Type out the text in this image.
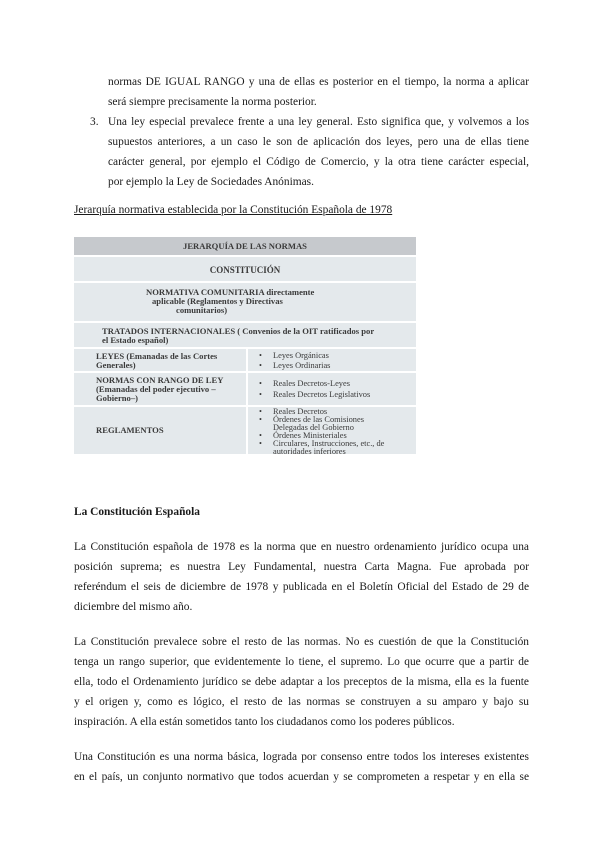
normas DE IGUAL RANGO y una de ellas es posterior en el tiempo, la norma a aplicar
será siempre precisamente la norma posterior.
3. Una ley especial prevalece frente a una ley general. Esto significa que, y volvemos a los
supuestos anteriores, a un caso le son de aplicación dos leyes, pero una de ellas tiene
carácter general, por ejemplo el Código de Comercio, y la otra tiene carácter especial,
por ejemplo la Ley de Sociedades Anónimas.
Jerarquía normativa establecida por la Constitución Española de 1978
JERARQUÍA DE LAS NORMAS
CONSTITUCIÓN
NORMATIVA COMUNITARIA directamente
aplicable (Reglamentos y Directivas
comunitarios)
TRATADOS INTERNACIONALES ( Convenios de la OIT ratificados por
el Estado español)
LEYES (Emanadas de las Cortes
Generales)
• Leyes Orgánicas
• Leyes Ordinarias
NORMAS CON RANGO DE LEY
(Emanadas del poder ejecutivo –
Gobierno–)
• Reales Decretos-Leyes
• Reales Decretos Legislativos
REGLAMENTOS
• Reales Decretos
• Órdenes de las Comisiones
Delegadas del Gobierno
• Órdenes Ministeriales
• Circulares, Instrucciones, etc., de
autoridades inferiores
La Constitución Española
La Constitución española de 1978 es la norma que en nuestro ordenamiento jurídico ocupa una
posición suprema; es nuestra Ley Fundamental, nuestra Carta Magna. Fue aprobada por
referéndum el seis de diciembre de 1978 y publicada en el Boletín Oficial del Estado de 29 de
diciembre del mismo año.
La Constitución prevalece sobre el resto de las normas. No es cuestión de que la Constitución
tenga un rango superior, que evidentemente lo tiene, el supremo. Lo que ocurre que a partir de
ella, todo el Ordenamiento jurídico se debe adaptar a los preceptos de la misma, ella es la fuente
y el origen y, como es lógico, el resto de las normas se construyen a su amparo y bajo su
inspiración. A ella están sometidos tanto los ciudadanos como los poderes públicos.
Una Constitución es una norma básica, lograda por consenso entre todos los intereses existentes
en el país, un conjunto normativo que todos acuerdan y se comprometen a respetar y en ella se
